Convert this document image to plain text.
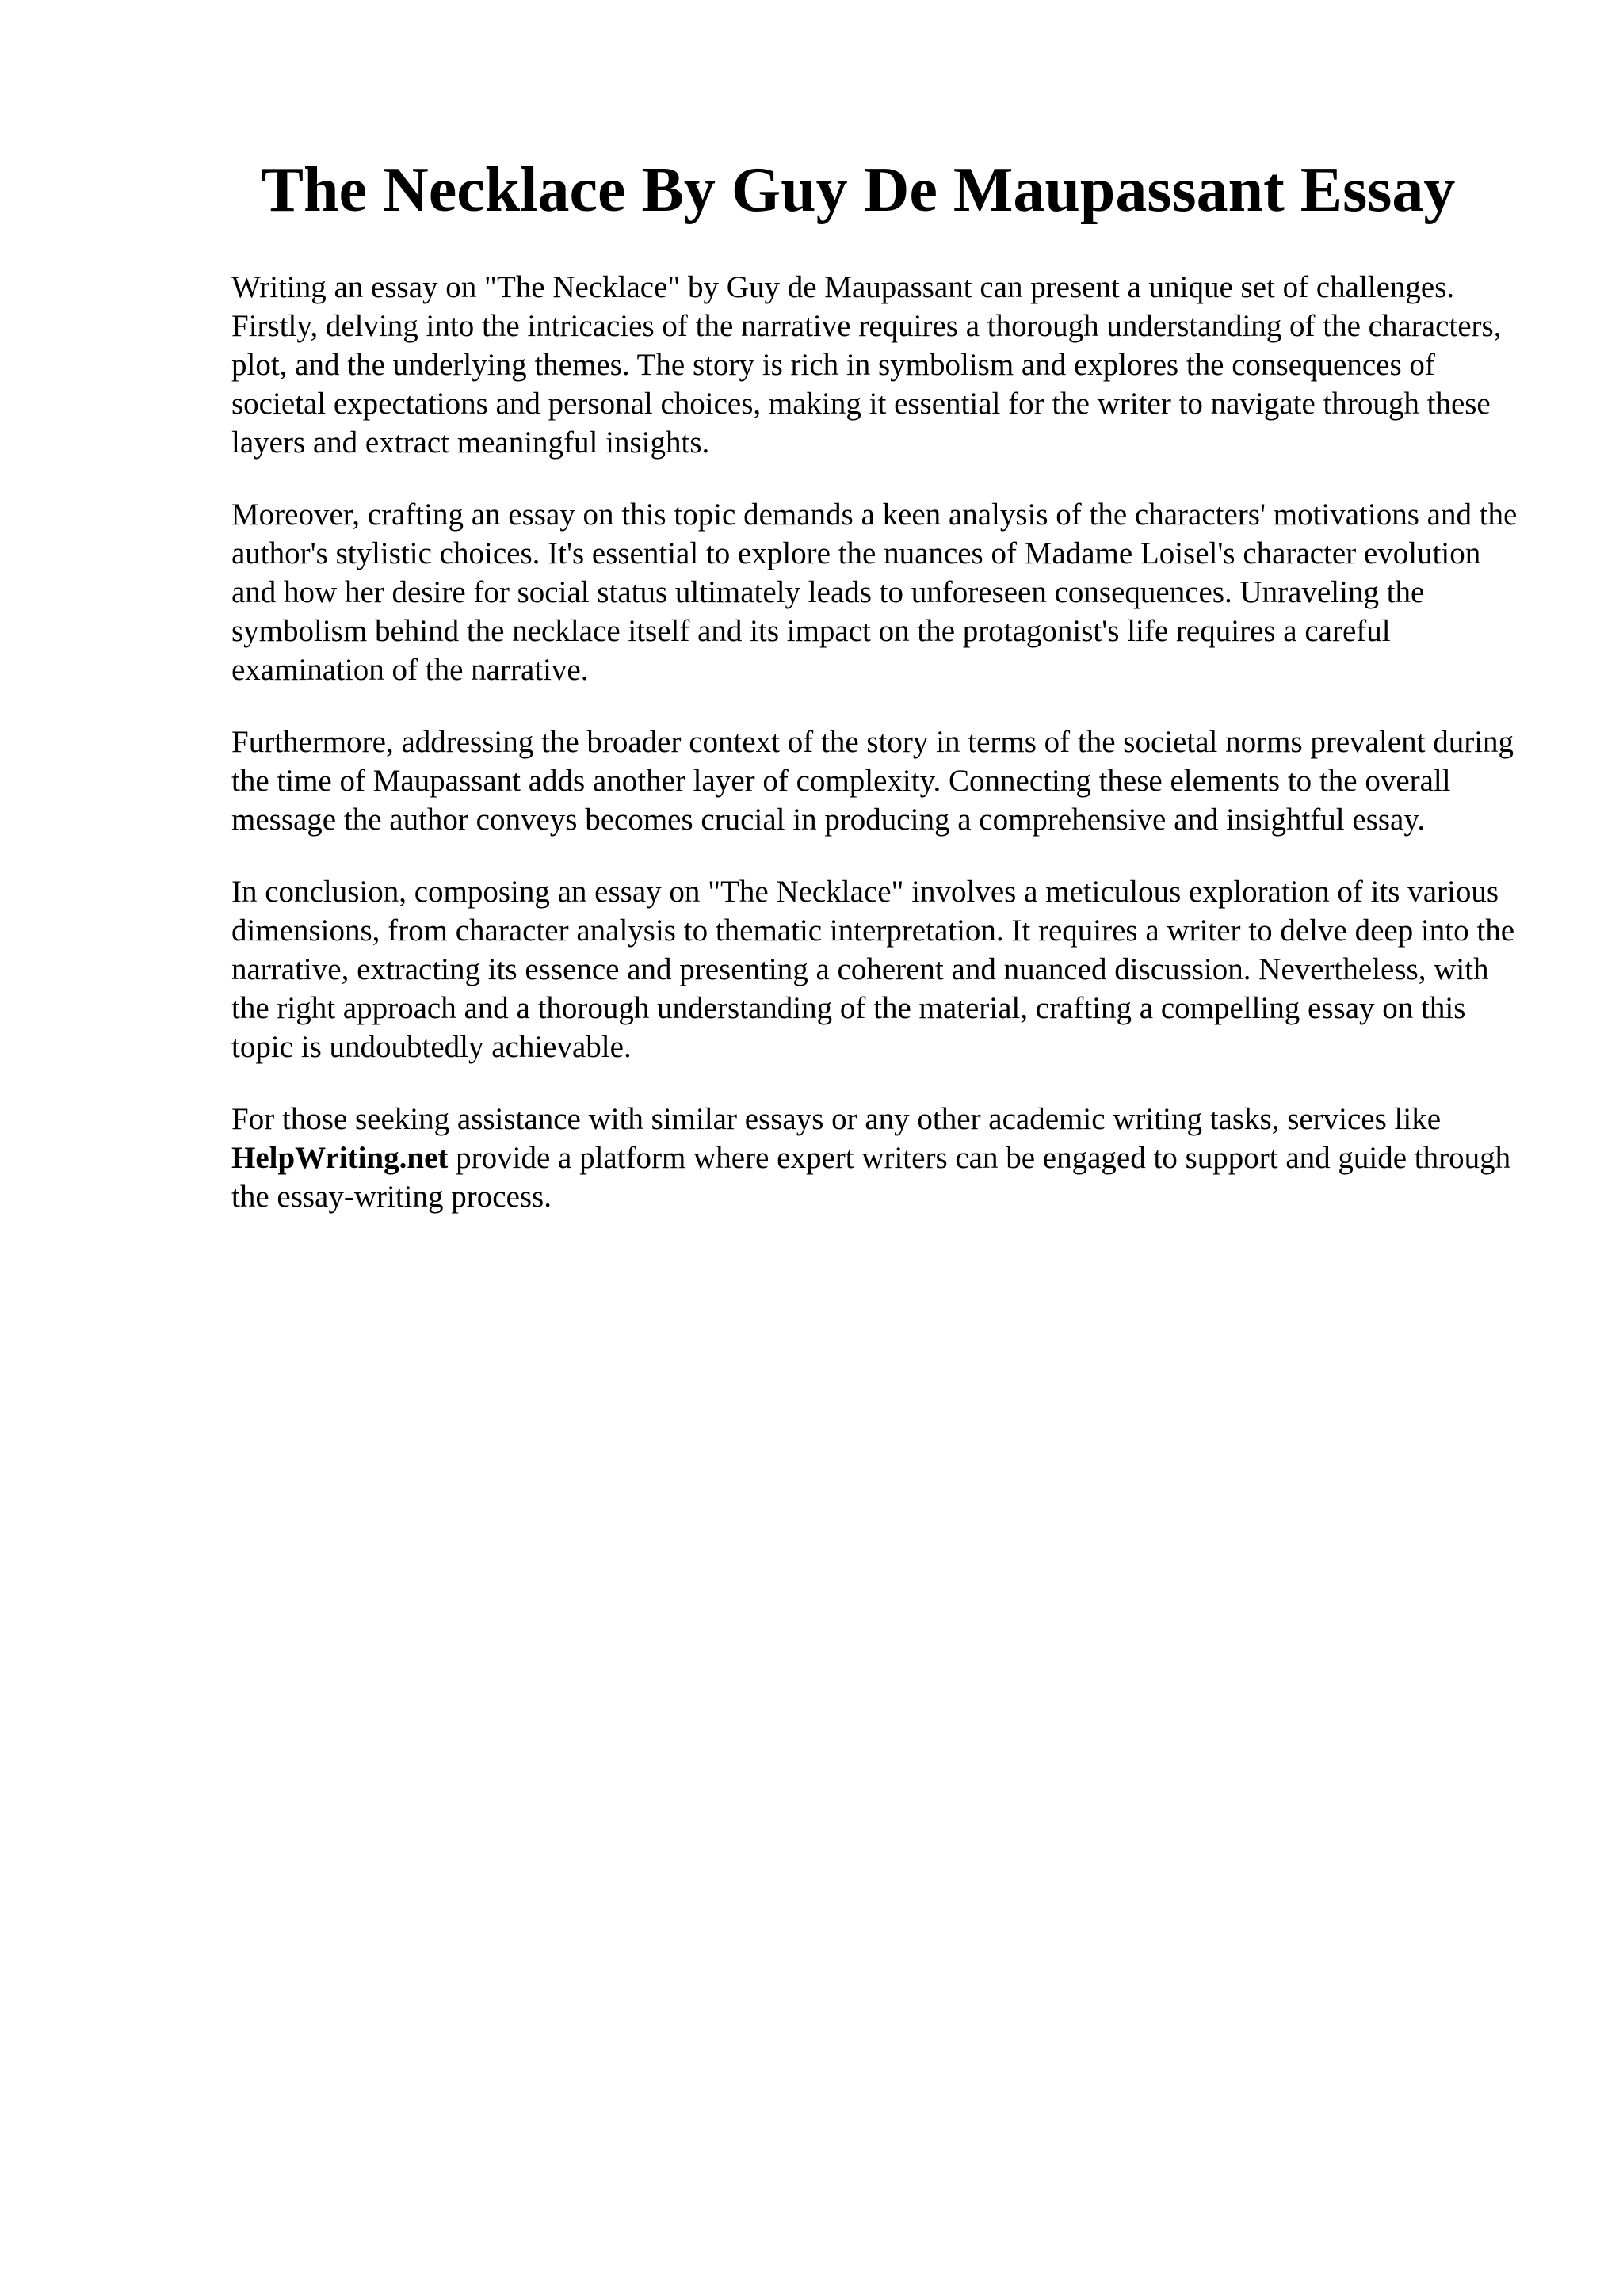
The Necklace By Guy De Maupassant Essay

Writing an essay on "The Necklace" by Guy de Maupassant can present a unique set of challenges. Firstly, delving into the intricacies of the narrative requires a thorough understanding of the characters, plot, and the underlying themes. The story is rich in symbolism and explores the consequences of societal expectations and personal choices, making it essential for the writer to navigate through these layers and extract meaningful insights.

Moreover, crafting an essay on this topic demands a keen analysis of the characters' motivations and the author's stylistic choices. It's essential to explore the nuances of Madame Loisel's character evolution and how her desire for social status ultimately leads to unforeseen consequences. Unraveling the symbolism behind the necklace itself and its impact on the protagonist's life requires a careful examination of the narrative.

Furthermore, addressing the broader context of the story in terms of the societal norms prevalent during the time of Maupassant adds another layer of complexity. Connecting these elements to the overall message the author conveys becomes crucial in producing a comprehensive and insightful essay.

In conclusion, composing an essay on "The Necklace" involves a meticulous exploration of its various dimensions, from character analysis to thematic interpretation. It requires a writer to delve deep into the narrative, extracting its essence and presenting a coherent and nuanced discussion. Nevertheless, with the right approach and a thorough understanding of the material, crafting a compelling essay on this topic is undoubtedly achievable.

For those seeking assistance with similar essays or any other academic writing tasks, services like HelpWriting.net provide a platform where expert writers can be engaged to support and guide through the essay-writing process.
